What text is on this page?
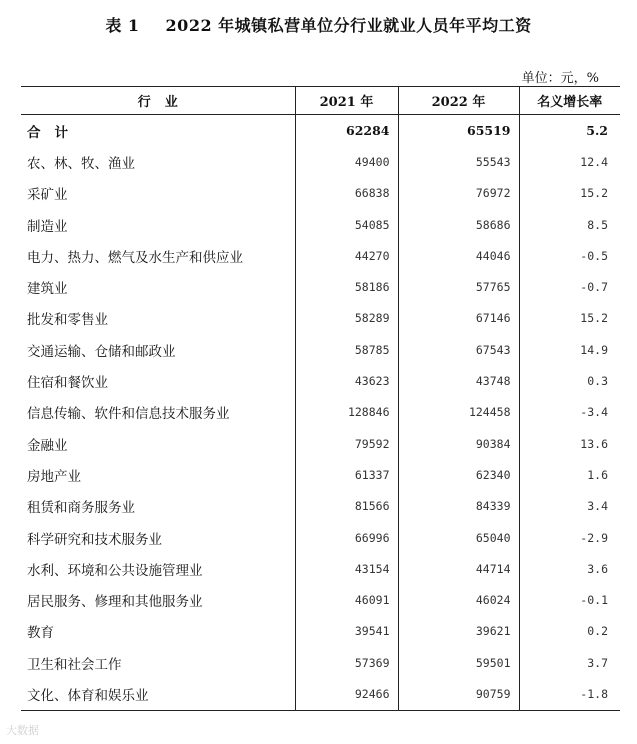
表 1 2022 年城镇私营单位分行业就业人员年平均工资
单位：元，%
行业	2021 年	2022 年	名义增长率
合计	62284	65519	5.2
农、林、牧、渔业	49400	55543	12.4
采矿业	66838	76972	15.2
制造业	54085	58686	8.5
电力、热力、燃气及水生产和供应业	44270	44046	-0.5
建筑业	58186	57765	-0.7
批发和零售业	58289	67146	15.2
交通运输、仓储和邮政业	58785	67543	14.9
住宿和餐饮业	43623	43748	0.3
信息传输、软件和信息技术服务业	128846	124458	-3.4
金融业	79592	90384	13.6
房地产业	61337	62340	1.6
租赁和商务服务业	81566	84339	3.4
科学研究和技术服务业	66996	65040	-2.9
水利、环境和公共设施管理业	43154	44714	3.6
居民服务、修理和其他服务业	46091	46024	-0.1
教育	39541	39621	0.2
卫生和社会工作	57369	59501	3.7
文化、体育和娱乐业	92466	90759	-1.8
大数据
